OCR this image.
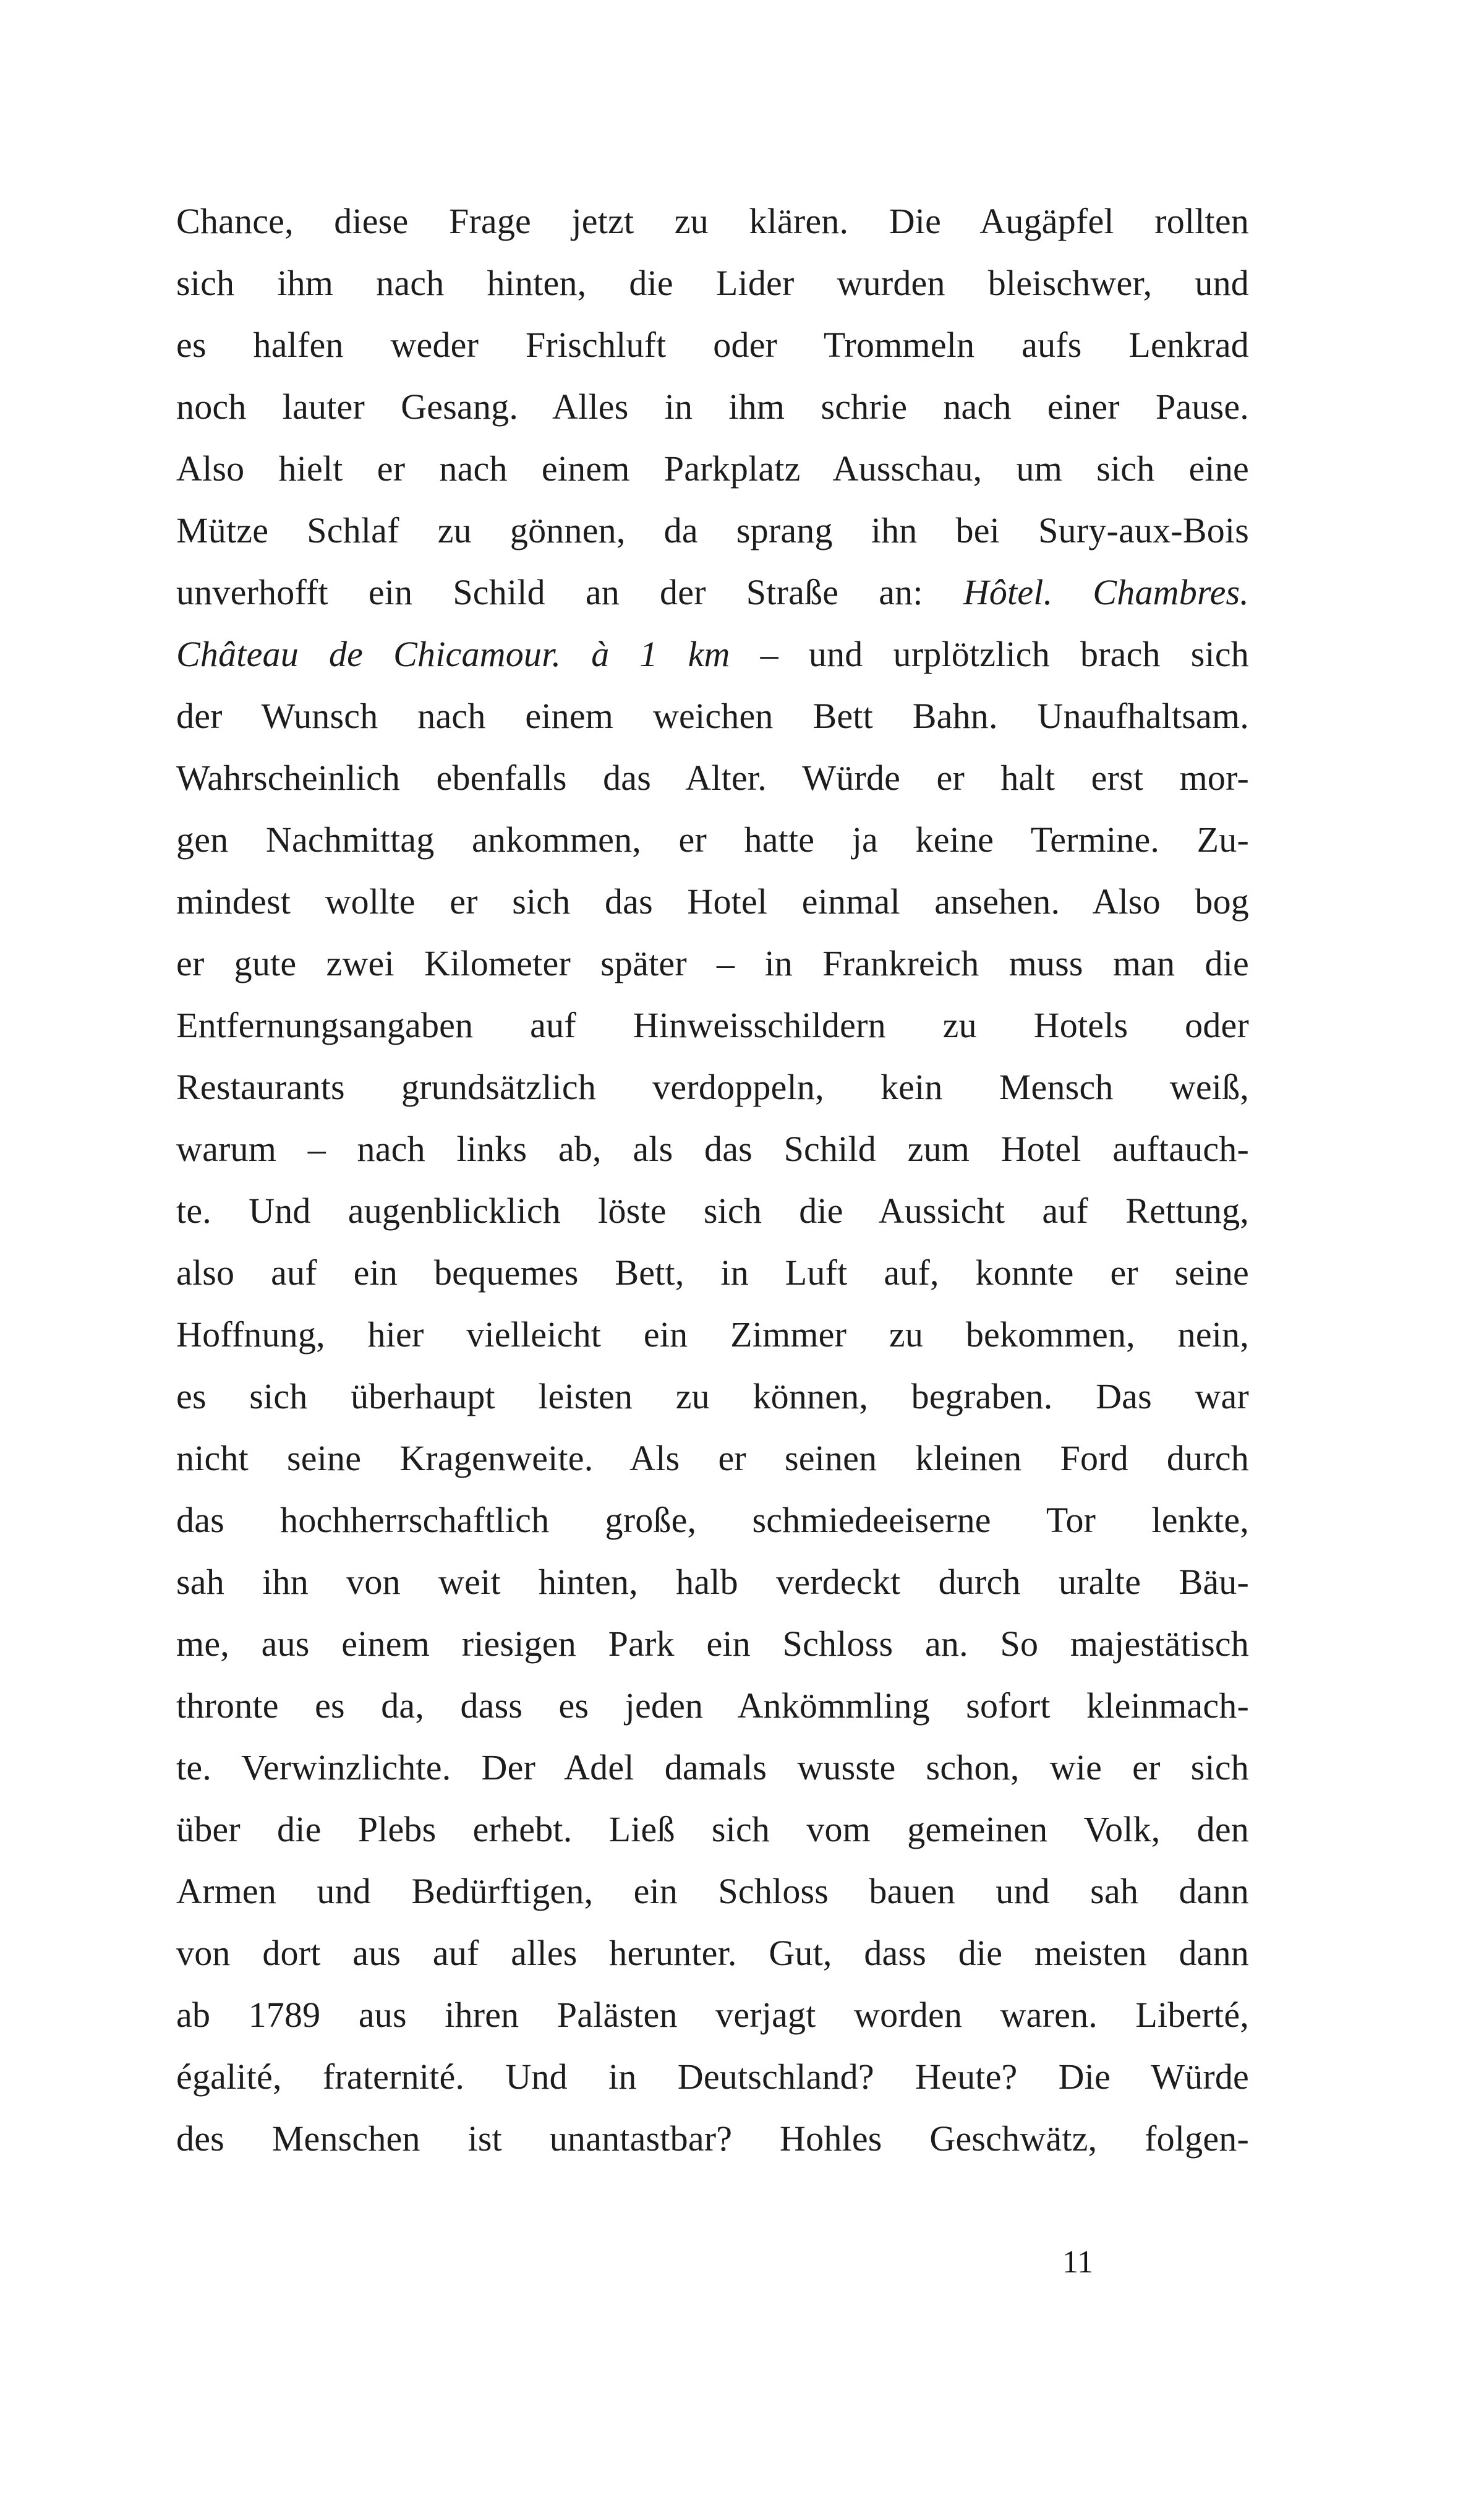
Chance, diese Frage jetzt zu klären. Die Augäpfel rollten
sich ihm nach hinten, die Lider wurden bleischwer, und
es halfen weder Frischluft oder Trommeln aufs Lenkrad
noch lauter Gesang. Alles in ihm schrie nach einer Pause.
Also hielt er nach einem Parkplatz Ausschau, um sich eine
Mütze Schlaf zu gönnen, da sprang ihn bei Sury-aux-Bois
unverhofft ein Schild an der Straße an: Hôtel. Chambres.
Château de Chicamour. à 1 km – und urplötzlich brach sich
der Wunsch nach einem weichen Bett Bahn. Unaufhaltsam.
Wahrscheinlich ebenfalls das Alter. Würde er halt erst mor-
gen Nachmittag ankommen, er hatte ja keine Termine. Zu-
mindest wollte er sich das Hotel einmal ansehen. Also bog
er gute zwei Kilometer später – in Frankreich muss man die
Entfernungsangaben auf Hinweisschildern zu Hotels oder
Restaurants grundsätzlich verdoppeln, kein Mensch weiß,
warum – nach links ab, als das Schild zum Hotel auftauch-
te. Und augenblicklich löste sich die Aussicht auf Rettung,
also auf ein bequemes Bett, in Luft auf, konnte er seine
Hoffnung, hier vielleicht ein Zimmer zu bekommen, nein,
es sich überhaupt leisten zu können, begraben. Das war
nicht seine Kragenweite. Als er seinen kleinen Ford durch
das hochherrschaftlich große, schmiedeeiserne Tor lenkte,
sah ihn von weit hinten, halb verdeckt durch uralte Bäu-
me, aus einem riesigen Park ein Schloss an. So majestätisch
thronte es da, dass es jeden Ankömmling sofort kleinmach-
te. Verwinzlichte. Der Adel damals wusste schon, wie er sich
über die Plebs erhebt. Ließ sich vom gemeinen Volk, den
Armen und Bedürftigen, ein Schloss bauen und sah dann
von dort aus auf alles herunter. Gut, dass die meisten dann
ab 1789 aus ihren Palästen verjagt worden waren. Liberté,
égalité, fraternité. Und in Deutschland? Heute? Die Würde
des Menschen ist unantastbar? Hohles Geschwätz, folgen-
11
